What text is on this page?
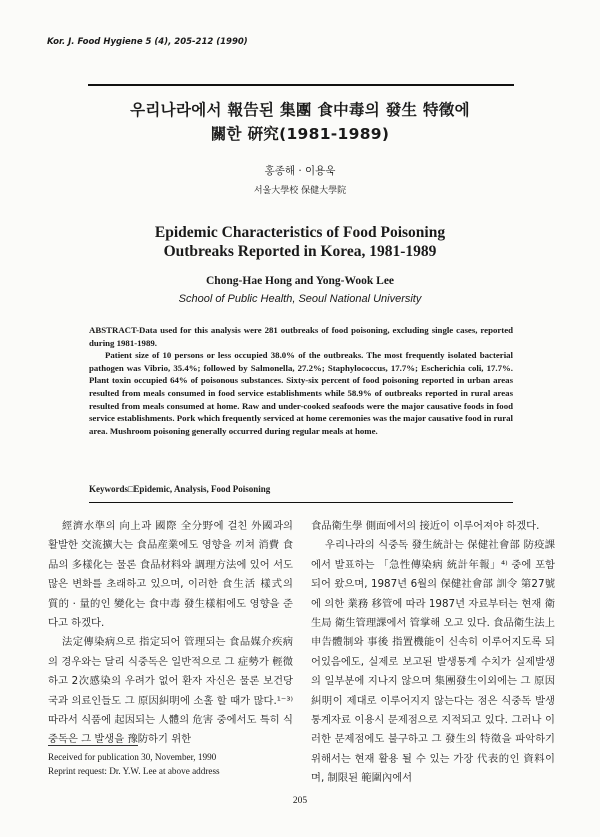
Kor. J. Food Hygiene 5 (4), 205-212 (1990)
우리나라에서 報告된 集團 食中毒의 發生 特徵에
關한 硏究(1981-1989)
홍종해 · 이용욱
서울大學校 保健大學院
Epidemic Characteristics of Food Poisoning
Outbreaks Reported in Korea, 1981-1989
Chong-Hae Hong and Yong-Wook Lee
School of Public Health, Seoul National University

ABSTRACT-Data used for this analysis were 281 outbreaks of food poisoning, excluding single cases, reported during 1981-1989.

Patient size of 10 persons or less occupied 38.0% of the outbreaks. The most frequently isolated bacterial pathogen was Vibrio, 35.4%; followed by Salmonella, 27.2%; Staphylococcus, 17.7%; Escherichia coli, 17.7%. Plant toxin occupied 64% of poisonous substances. Sixty-six percent of food poisoning reported in urban areas resulted from meals consumed in food service establishments while 58.9% of outbreaks reported in rural areas resulted from meals consumed at home. Raw and under-cooked seafoods were the major causative foods in food service establishments. Pork which frequently serviced at home ceremonies was the major causative food in rural area. Mushroom poisoning generally occurred during regular meals at home.

Keywords□Epidemic, Analysis, Food Poisoning

經濟水準의 向上과 國際 全分野에 걸친 外國과의 활발한 交流擴大는 食品産業에도 영향을 끼쳐 消費 食品의 多樣化는 물론 食品材料와 調理方法에 있어 서도 많은 변화를 초래하고 있으며, 이러한 食生活 樣式의 質的 · 量的인 變化는 食中毒 發生樣相에도 영향을 준다고 하겠다.

法定傳染病으로 指定되어 管理되는 食品媒介疾病의 경우와는 달리 식중독은 일반적으로 그 症勢가 輕微하고 2次感染의 우려가 없어 환자 자신은 물론 보건당국과 의료인들도 그 原因糾明에 소홀 할 때가 많다.¹⁻³⁾ 따라서 식품에 起因되는 人體의 危害 중에서도 특히 식중독은 그 발생을 豫防하기 위한

食品衛生學 側面에서의 接近이 이루어져야 하겠다.

우리나라의 식중독 發生統計는 保健社會部 防疫課에서 발표하는 「急性傳染病 統計年報」⁴⁾ 중에 포함되어 왔으며, 1987년 6월의 保健社會部 訓令 第27號에 의한 業務 移管에 따라 1987년 자료부터는 현재 衛生局 衛生管理課에서 管掌해 오고 있다. 食品衛生法上 申告體制와 事後 指置機能이 신속히 이루어지도록 되어있음에도, 실제로 보고된 발생통계 수치가 실제발생의 일부분에 지나지 않으며 集團發生이외에는 그 原因糾明이 제대로 이루어지지 않는다는 점은 식중독 발생 통계자료 이용시 문제점으로 지적되고 있다. 그러나 이러한 문제점에도 불구하고 그 發生의 特徵을 파악하기 위해서는 현재 활용 될 수 있는 가장 代表的인 資料이며, 制限된 範圍內에서

Received for publication 30, November, 1990
Reprint request: Dr. Y.W. Lee at above address
205
